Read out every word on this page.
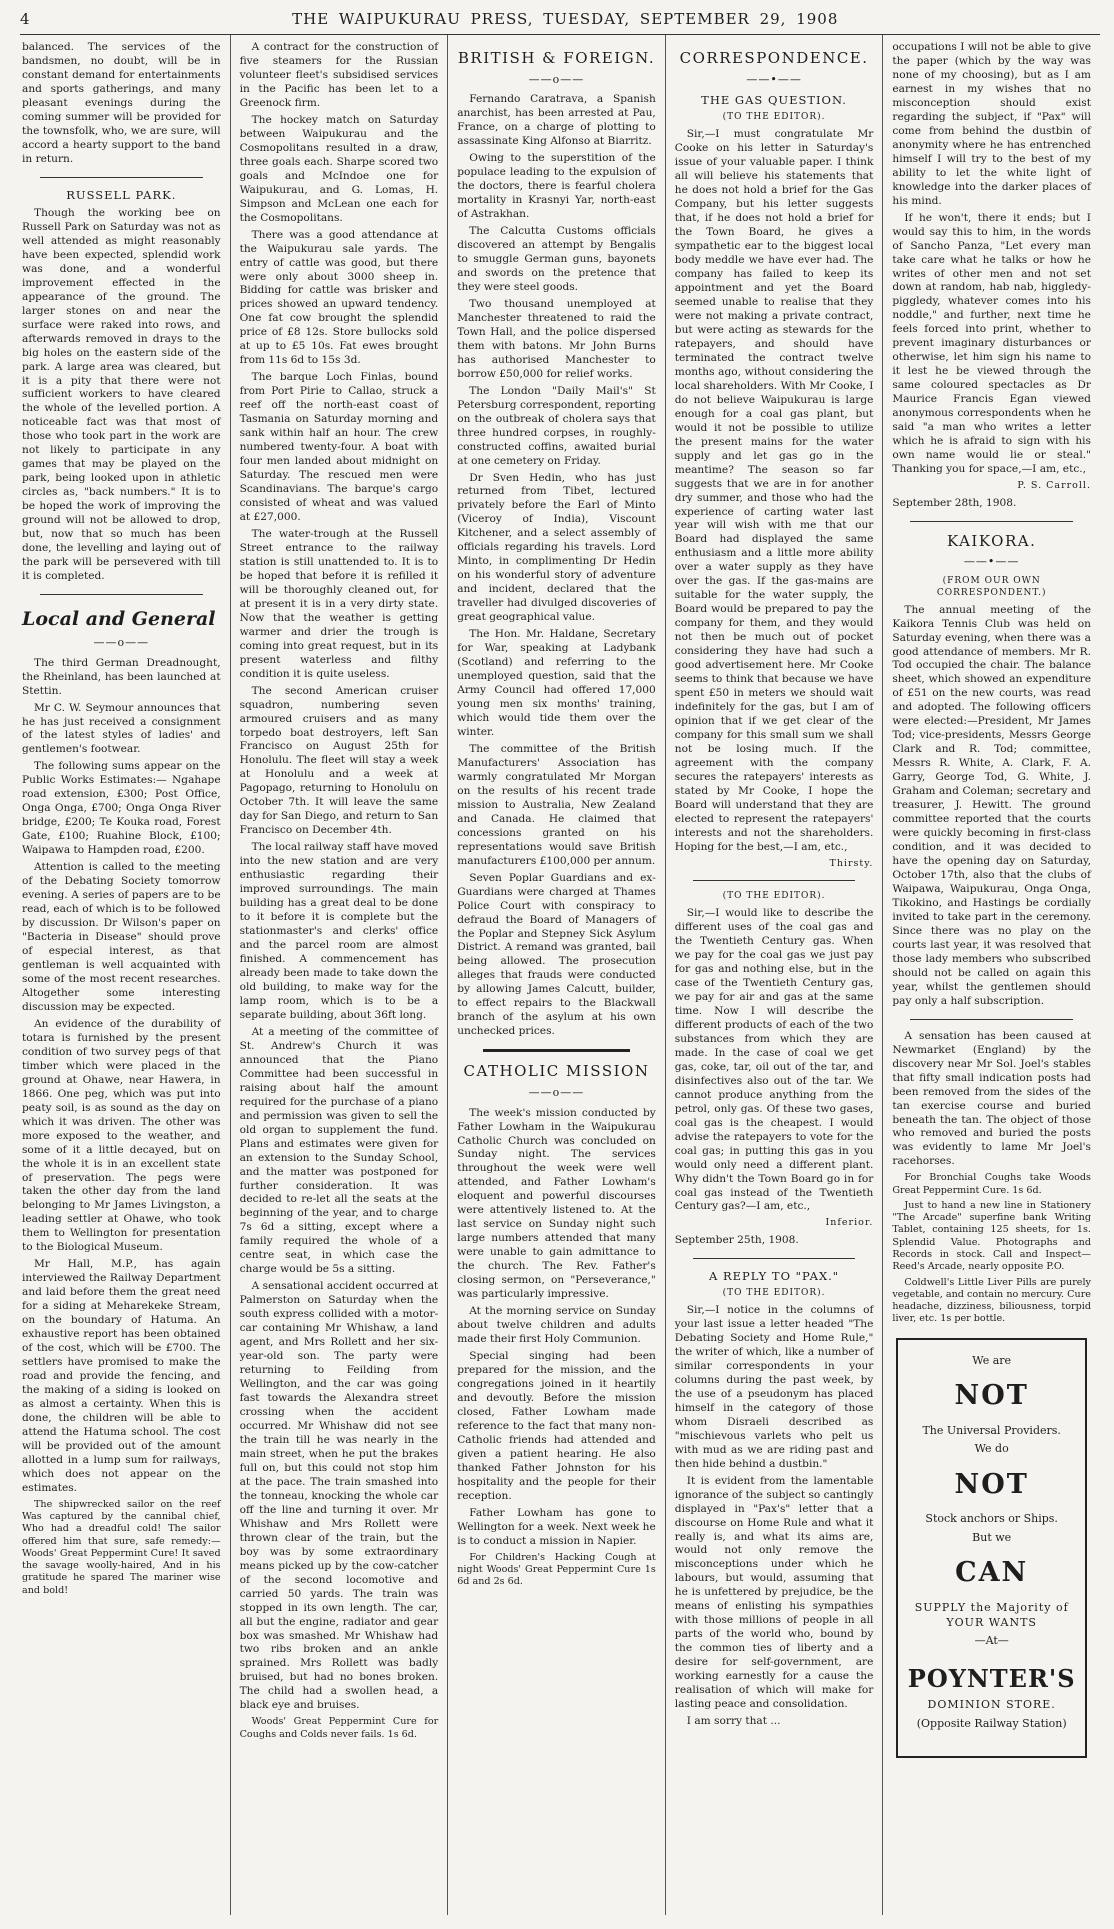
4	THE WAIPUKURAU PRESS, TUESDAY, SEPTEMBER 29, 1908

balanced. The services of the bandsmen, no doubt, will be in constant demand for entertainments and sports gatherings, and many pleasant evenings during the coming summer will be provided for the townsfolk, who, we are sure, will accord a hearty support to the band in return.

RUSSELL PARK.

Though the working bee on Russell Park on Saturday was not as well attended as might reasonably have been expected, splendid work was done, and a wonderful improvement effected in the appearance of the ground. The larger stones on and near the surface were raked into rows, and afterwards removed in drays to the big holes on the eastern side of the park. A large area was cleared, but it is a pity that there were not sufficient workers to have cleared the whole of the levelled portion. A noticeable fact was that most of those who took part in the work are not likely to participate in any games that may be played on the park, being looked upon in athletic circles as, "back numbers." It is to be hoped the work of improving the ground will not be allowed to drop, but, now that so much has been done, the levelling and laying out of the park will be persevered with till it is completed.

Local and General
——o——

The third German Dreadnought, the Rheinland, has been launched at Stettin.

Mr C. W. Seymour announces that he has just received a consignment of the latest styles of ladies' and gentlemen's footwear.

The following sums appear on the Public Works Estimates:— Ngahape road extension, £300; Post Office, Onga Onga, £700; Onga Onga River bridge, £200; Te Kouka road, Forest Gate, £100; Ruahine Block, £100; Waipawa to Hampden road, £200.

Attention is called to the meeting of the Debating Society tomorrow evening. A series of papers are to be read, each of which is to be followed by discussion. Dr Wilson's paper on "Bacteria in Disease" should prove of especial interest, as that gentleman is well acquainted with some of the most recent researches. Altogether some interesting discussion may be expected.

An evidence of the durability of totara is furnished by the present condition of two survey pegs of that timber which were placed in the ground at Ohawe, near Hawera, in 1866. One peg, which was put into peaty soil, is as sound as the day on which it was driven. The other was more exposed to the weather, and some of it a little decayed, but on the whole it is in an excellent state of preservation. The pegs were taken the other day from the land belonging to Mr James Livingston, a leading settler at Ohawe, who took them to Wellington for presentation to the Biological Museum.

Mr Hall, M.P., has again interviewed the Railway Department and laid before them the great need for a siding at Meharekeke Stream, on the boundary of Hatuma. An exhaustive report has been obtained of the cost, which will be £700. The settlers have promised to make the road and provide the fencing, and the making of a siding is looked on as almost a certainty. When this is done, the children will be able to attend the Hatuma school. The cost will be provided out of the amount allotted in a lump sum for railways, which does not appear on the estimates.

The shipwrecked sailor on the reef Was captured by the cannibal chief, Who had a dreadful cold! The sailor offered him that sure, safe remedy:— Woods' Great Peppermint Cure! It saved the savage woolly-haired, And in his gratitude he spared The mariner wise and bold!

A contract for the construction of five steamers for the Russian volunteer fleet's subsidised services in the Pacific has been let to a Greenock firm.

The hockey match on Saturday between Waipukurau and the Cosmopolitans resulted in a draw, three goals each. Sharpe scored two goals and McIndoe one for Waipukurau, and G. Lomas, H. Simpson and McLean one each for the Cosmopolitans.

There was a good attendance at the Waipukurau sale yards. The entry of cattle was good, but there were only about 3000 sheep in. Bidding for cattle was brisker and prices showed an upward tendency. One fat cow brought the splendid price of £8 12s. Store bullocks sold at up to £5 10s. Fat ewes brought from 11s 6d to 15s 3d.

The barque Loch Finlas, bound from Port Pirie to Callao, struck a reef off the north-east coast of Tasmania on Saturday morning and sank within half an hour. The crew numbered twenty-four. A boat with four men landed about midnight on Saturday. The rescued men were Scandinavians. The barque's cargo consisted of wheat and was valued at £27,000.

The water-trough at the Russell Street entrance to the railway station is still unattended to. It is to be hoped that before it is refilled it will be thoroughly cleaned out, for at present it is in a very dirty state. Now that the weather is getting warmer and drier the trough is coming into great request, but in its present waterless and filthy condition it is quite useless.

The second American cruiser squadron, numbering seven armoured cruisers and as many torpedo boat destroyers, left San Francisco on August 25th for Honolulu. The fleet will stay a week at Honolulu and a week at Pagopago, returning to Honolulu on October 7th. It will leave the same day for San Diego, and return to San Francisco on December 4th.

The local railway staff have moved into the new station and are very enthusiastic regarding their improved surroundings. The main building has a great deal to be done to it before it is complete but the stationmaster's and clerks' office and the parcel room are almost finished. A commencement has already been made to take down the old building, to make way for the lamp room, which is to be a separate building, about 36ft long.

At a meeting of the committee of St. Andrew's Church it was announced that the Piano Committee had been successful in raising about half the amount required for the purchase of a piano and permission was given to sell the old organ to supplement the fund. Plans and estimates were given for an extension to the Sunday School, and the matter was postponed for further consideration. It was decided to re-let all the seats at the beginning of the year, and to charge 7s 6d a sitting, except where a family required the whole of a centre seat, in which case the charge would be 5s a sitting.

A sensational accident occurred at Palmerston on Saturday when the south express collided with a motor-car containing Mr Whishaw, a land agent, and Mrs Rollett and her six-year-old son. The party were returning to Feilding from Wellington, and the car was going fast towards the Alexandra street crossing when the accident occurred. Mr Whishaw did not see the train till he was nearly in the main street, when he put the brakes full on, but this could not stop him at the pace. The train smashed into the tonneau, knocking the whole car off the line and turning it over. Mr Whishaw and Mrs Rollett were thrown clear of the train, but the boy was by some extraordinary means picked up by the cow-catcher of the second locomotive and carried 50 yards. The train was stopped in its own length. The car, all but the engine, radiator and gear box was smashed. Mr Whishaw had two ribs broken and an ankle sprained. Mrs Rollett was badly bruised, but had no bones broken. The child had a swollen head, a black eye and bruises.

Woods' Great Peppermint Cure for Coughs and Colds never fails. 1s 6d.

BRITISH & FOREIGN.
——o——

Fernando Caratrava, a Spanish anarchist, has been arrested at Pau, France, on a charge of plotting to assassinate King Alfonso at Biarritz.

Owing to the superstition of the populace leading to the expulsion of the doctors, there is fearful cholera mortality in Krasnyi Yar, north-east of Astrakhan.

The Calcutta Customs officials discovered an attempt by Bengalis to smuggle German guns, bayonets and swords on the pretence that they were steel goods.

Two thousand unemployed at Manchester threatened to raid the Town Hall, and the police dispersed them with batons. Mr John Burns has authorised Manchester to borrow £50,000 for relief works.

The London "Daily Mail's" St Petersburg correspondent, reporting on the outbreak of cholera says that three hundred corpses, in roughly-constructed coffins, awaited burial at one cemetery on Friday.

Dr Sven Hedin, who has just returned from Tibet, lectured privately before the Earl of Minto (Viceroy of India), Viscount Kitchener, and a select assembly of officials regarding his travels. Lord Minto, in complimenting Dr Hedin on his wonderful story of adventure and incident, declared that the traveller had divulged discoveries of great geographical value.

The Hon. Mr. Haldane, Secretary for War, speaking at Ladybank (Scotland) and referring to the unemployed question, said that the Army Council had offered 17,000 young men six months' training, which would tide them over the winter.

The committee of the British Manufacturers' Association has warmly congratulated Mr Morgan on the results of his recent trade mission to Australia, New Zealand and Canada. He claimed that concessions granted on his representations would save British manufacturers £100,000 per annum.

Seven Poplar Guardians and ex-Guardians were charged at Thames Police Court with conspiracy to defraud the Board of Managers of the Poplar and Stepney Sick Asylum District. A remand was granted, bail being allowed. The prosecution alleges that frauds were conducted by allowing James Calcutt, builder, to effect repairs to the Blackwall branch of the asylum at his own unchecked prices.

CATHOLIC MISSION
——o——

The week's mission conducted by Father Lowham in the Waipukurau Catholic Church was concluded on Sunday night. The services throughout the week were well attended, and Father Lowham's eloquent and powerful discourses were attentively listened to. At the last service on Sunday night such large numbers attended that many were unable to gain admittance to the church. The Rev. Father's closing sermon, on "Perseverance," was particularly impressive.

At the morning service on Sunday about twelve children and adults made their first Holy Communion.

Special singing had been prepared for the mission, and the congregations joined in it heartily and devoutly. Before the mission closed, Father Lowham made reference to the fact that many non-Catholic friends had attended and given a patient hearing. He also thanked Father Johnston for his hospitality and the people for their reception.

Father Lowham has gone to Wellington for a week. Next week he is to conduct a mission in Napier.

For Children's Hacking Cough at night Woods' Great Peppermint Cure 1s 6d and 2s 6d.

CORRESPONDENCE.
——•——
THE GAS QUESTION.
(TO THE EDITOR).

Sir,—I must congratulate Mr Cooke on his letter in Saturday's issue of your valuable paper. I think all will believe his statements that he does not hold a brief for the Gas Company, but his letter suggests that, if he does not hold a brief for the Town Board, he gives a sympathetic ear to the biggest local body meddle we have ever had. The company has failed to keep its appointment and yet the Board seemed unable to realise that they were not making a private contract, but were acting as stewards for the ratepayers, and should have terminated the contract twelve months ago, without considering the local shareholders. With Mr Cooke, I do not believe Waipukurau is large enough for a coal gas plant, but would it not be possible to utilize the present mains for the water supply and let gas go in the meantime? The season so far suggests that we are in for another dry summer, and those who had the experience of carting water last year will wish with me that our Board had displayed the same enthusiasm and a little more ability over a water supply as they have over the gas. If the gas-mains are suitable for the water supply, the Board would be prepared to pay the company for them, and they would not then be much out of pocket considering they have had such a good advertisement here. Mr Cooke seems to think that because we have spent £50 in meters we should wait indefinitely for the gas, but I am of opinion that if we get clear of the company for this small sum we shall not be losing much. If the agreement with the company secures the ratepayers' interests as stated by Mr Cooke, I hope the Board will understand that they are elected to represent the ratepayers' interests and not the shareholders. Hoping for the best,—I am, etc.,

Thirsty.
(TO THE EDITOR).

Sir,—I would like to describe the different uses of the coal gas and the Twentieth Century gas. When we pay for the coal gas we just pay for gas and nothing else, but in the case of the Twentieth Century gas, we pay for air and gas at the same time. Now I will describe the different products of each of the two substances from which they are made. In the case of coal we get gas, coke, tar, oil out of the tar, and disinfectives also out of the tar. We cannot produce anything from the petrol, only gas. Of these two gases, coal gas is the cheapest. I would advise the ratepayers to vote for the coal gas; in putting this gas in you would only need a different plant. Why didn't the Town Board go in for coal gas instead of the Twentieth Century gas?—I am, etc.,

Inferior.

September 25th, 1908.

A REPLY TO "PAX."
(TO THE EDITOR).

Sir,—I notice in the columns of your last issue a letter headed "The Debating Society and Home Rule," the writer of which, like a number of similar correspondents in your columns during the past week, by the use of a pseudonym has placed himself in the category of those whom Disraeli described as "mischievous varlets who pelt us with mud as we are riding past and then hide behind a dustbin."

It is evident from the lamentable ignorance of the subject so cantingly displayed in "Pax's" letter that a discourse on Home Rule and what it really is, and what its aims are, would not only remove the misconceptions under which he labours, but would, assuming that he is unfettered by prejudice, be the means of enlisting his sympathies with those millions of people in all parts of the world who, bound by the common ties of liberty and a desire for self-government, are working earnestly for a cause the realisation of which will make for lasting peace and consolidation.

I am sorry that ...

occupations I will not be able to give the paper (which by the way was none of my choosing), but as I am earnest in my wishes that no misconception should exist regarding the subject, if "Pax" will come from behind the dustbin of anonymity where he has entrenched himself I will try to the best of my ability to let the white light of knowledge into the darker places of his mind.

If he won't, there it ends; but I would say this to him, in the words of Sancho Panza, "Let every man take care what he talks or how he writes of other men and not set down at random, hab nab, higgledy-piggledy, whatever comes into his noddle," and further, next time he feels forced into print, whether to prevent imaginary disturbances or otherwise, let him sign his name to it lest he be viewed through the same coloured spectacles as Dr Maurice Francis Egan viewed anonymous correspondents when he said "a man who writes a letter which he is afraid to sign with his own name would lie or steal." Thanking you for space,—I am, etc.,

P. S. Carroll.

September 28th, 1908.

KAIKORA.
——•——
(FROM OUR OWN CORRESPONDENT.)

The annual meeting of the Kaikora Tennis Club was held on Saturday evening, when there was a good attendance of members. Mr R. Tod occupied the chair. The balance sheet, which showed an expenditure of £51 on the new courts, was read and adopted. The following officers were elected:—President, Mr James Tod; vice-presidents, Messrs George Clark and R. Tod; committee, Messrs R. White, A. Clark, F. A. Garry, George Tod, G. White, J. Graham and Coleman; secretary and treasurer, J. Hewitt. The ground committee reported that the courts were quickly becoming in first-class condition, and it was decided to have the opening day on Saturday, October 17th, also that the clubs of Waipawa, Waipukurau, Onga Onga, Tikokino, and Hastings be cordially invited to take part in the ceremony. Since there was no play on the courts last year, it was resolved that those lady members who subscribed should not be called on again this year, whilst the gentlemen should pay only a half subscription.

A sensation has been caused at Newmarket (England) by the discovery near Mr Sol. Joel's stables that fifty small indication posts had been removed from the sides of the tan exercise course and buried beneath the tan. The object of those who removed and buried the posts was evidently to lame Mr Joel's racehorses.

For Bronchial Coughs take Woods Great Peppermint Cure. 1s 6d.

Just to hand a new line in Stationery "The Arcade" superfine bank Writing Tablet, containing 125 sheets, for 1s. Splendid Value. Photographs and Records in stock. Call and Inspect— Reed's Arcade, nearly opposite P.O.

Coldwell's Little Liver Pills are purely vegetable, and contain no mercury. Cure headache, dizziness, biliousness, torpid liver, etc. 1s per bottle.

We are
NOT
The Universal Providers.
We do
NOT
Stock anchors or Ships.
But we
CAN
SUPPLY the Majority of YOUR WANTS
—At—
POYNTER'S
DOMINION STORE.
(Opposite Railway Station)
